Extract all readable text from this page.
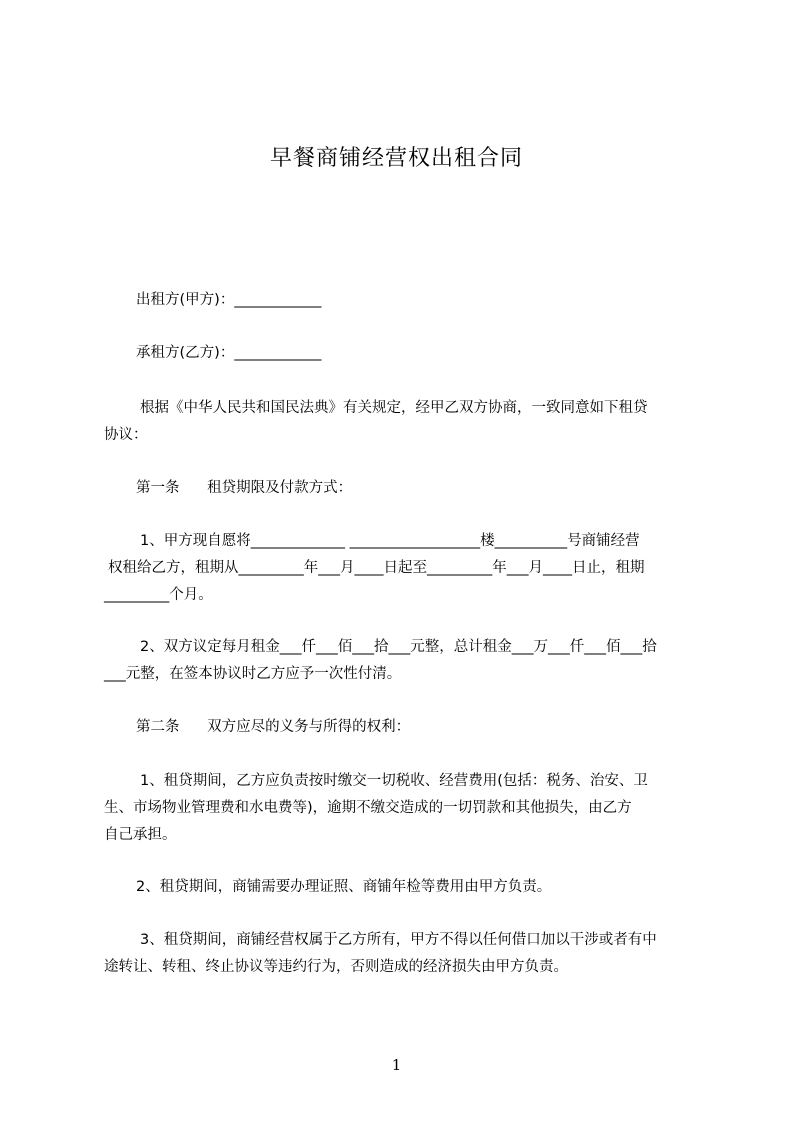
早餐商铺经营权出租合同
出租方(甲方)：____________
承租方(乙方)：____________
根据《中华人民共和国民法典》有关规定，经甲乙双方协商，一致同意如下租贷
协议：
第一条      租贷期限及付款方式：
1、甲方现自愿将_____________ __________________楼__________号商铺经营
权租给乙方，租期从_________年___月____日起至_________年___月____日止，租期
_________个月。
2、双方议定每月租金___仟___佰___拾___元整，总计租金___万___仟___佰___拾
___元整，在签本协议时乙方应予一次性付清。
第二条      双方应尽的义务与所得的权利：
1、租贷期间，乙方应负责按时缴交一切税收、经营费用(包括：税务、治安、卫
生、市场物业管理费和水电费等)，逾期不缴交造成的一切罚款和其他损失，由乙方
自己承担。
2、租贷期间，商铺需要办理证照、商铺年检等费用由甲方负责。
3、租贷期间，商铺经营权属于乙方所有，甲方不得以任何借口加以干涉或者有中
途转让、转租、终止协议等违约行为，否则造成的经济损失由甲方负责。
1
